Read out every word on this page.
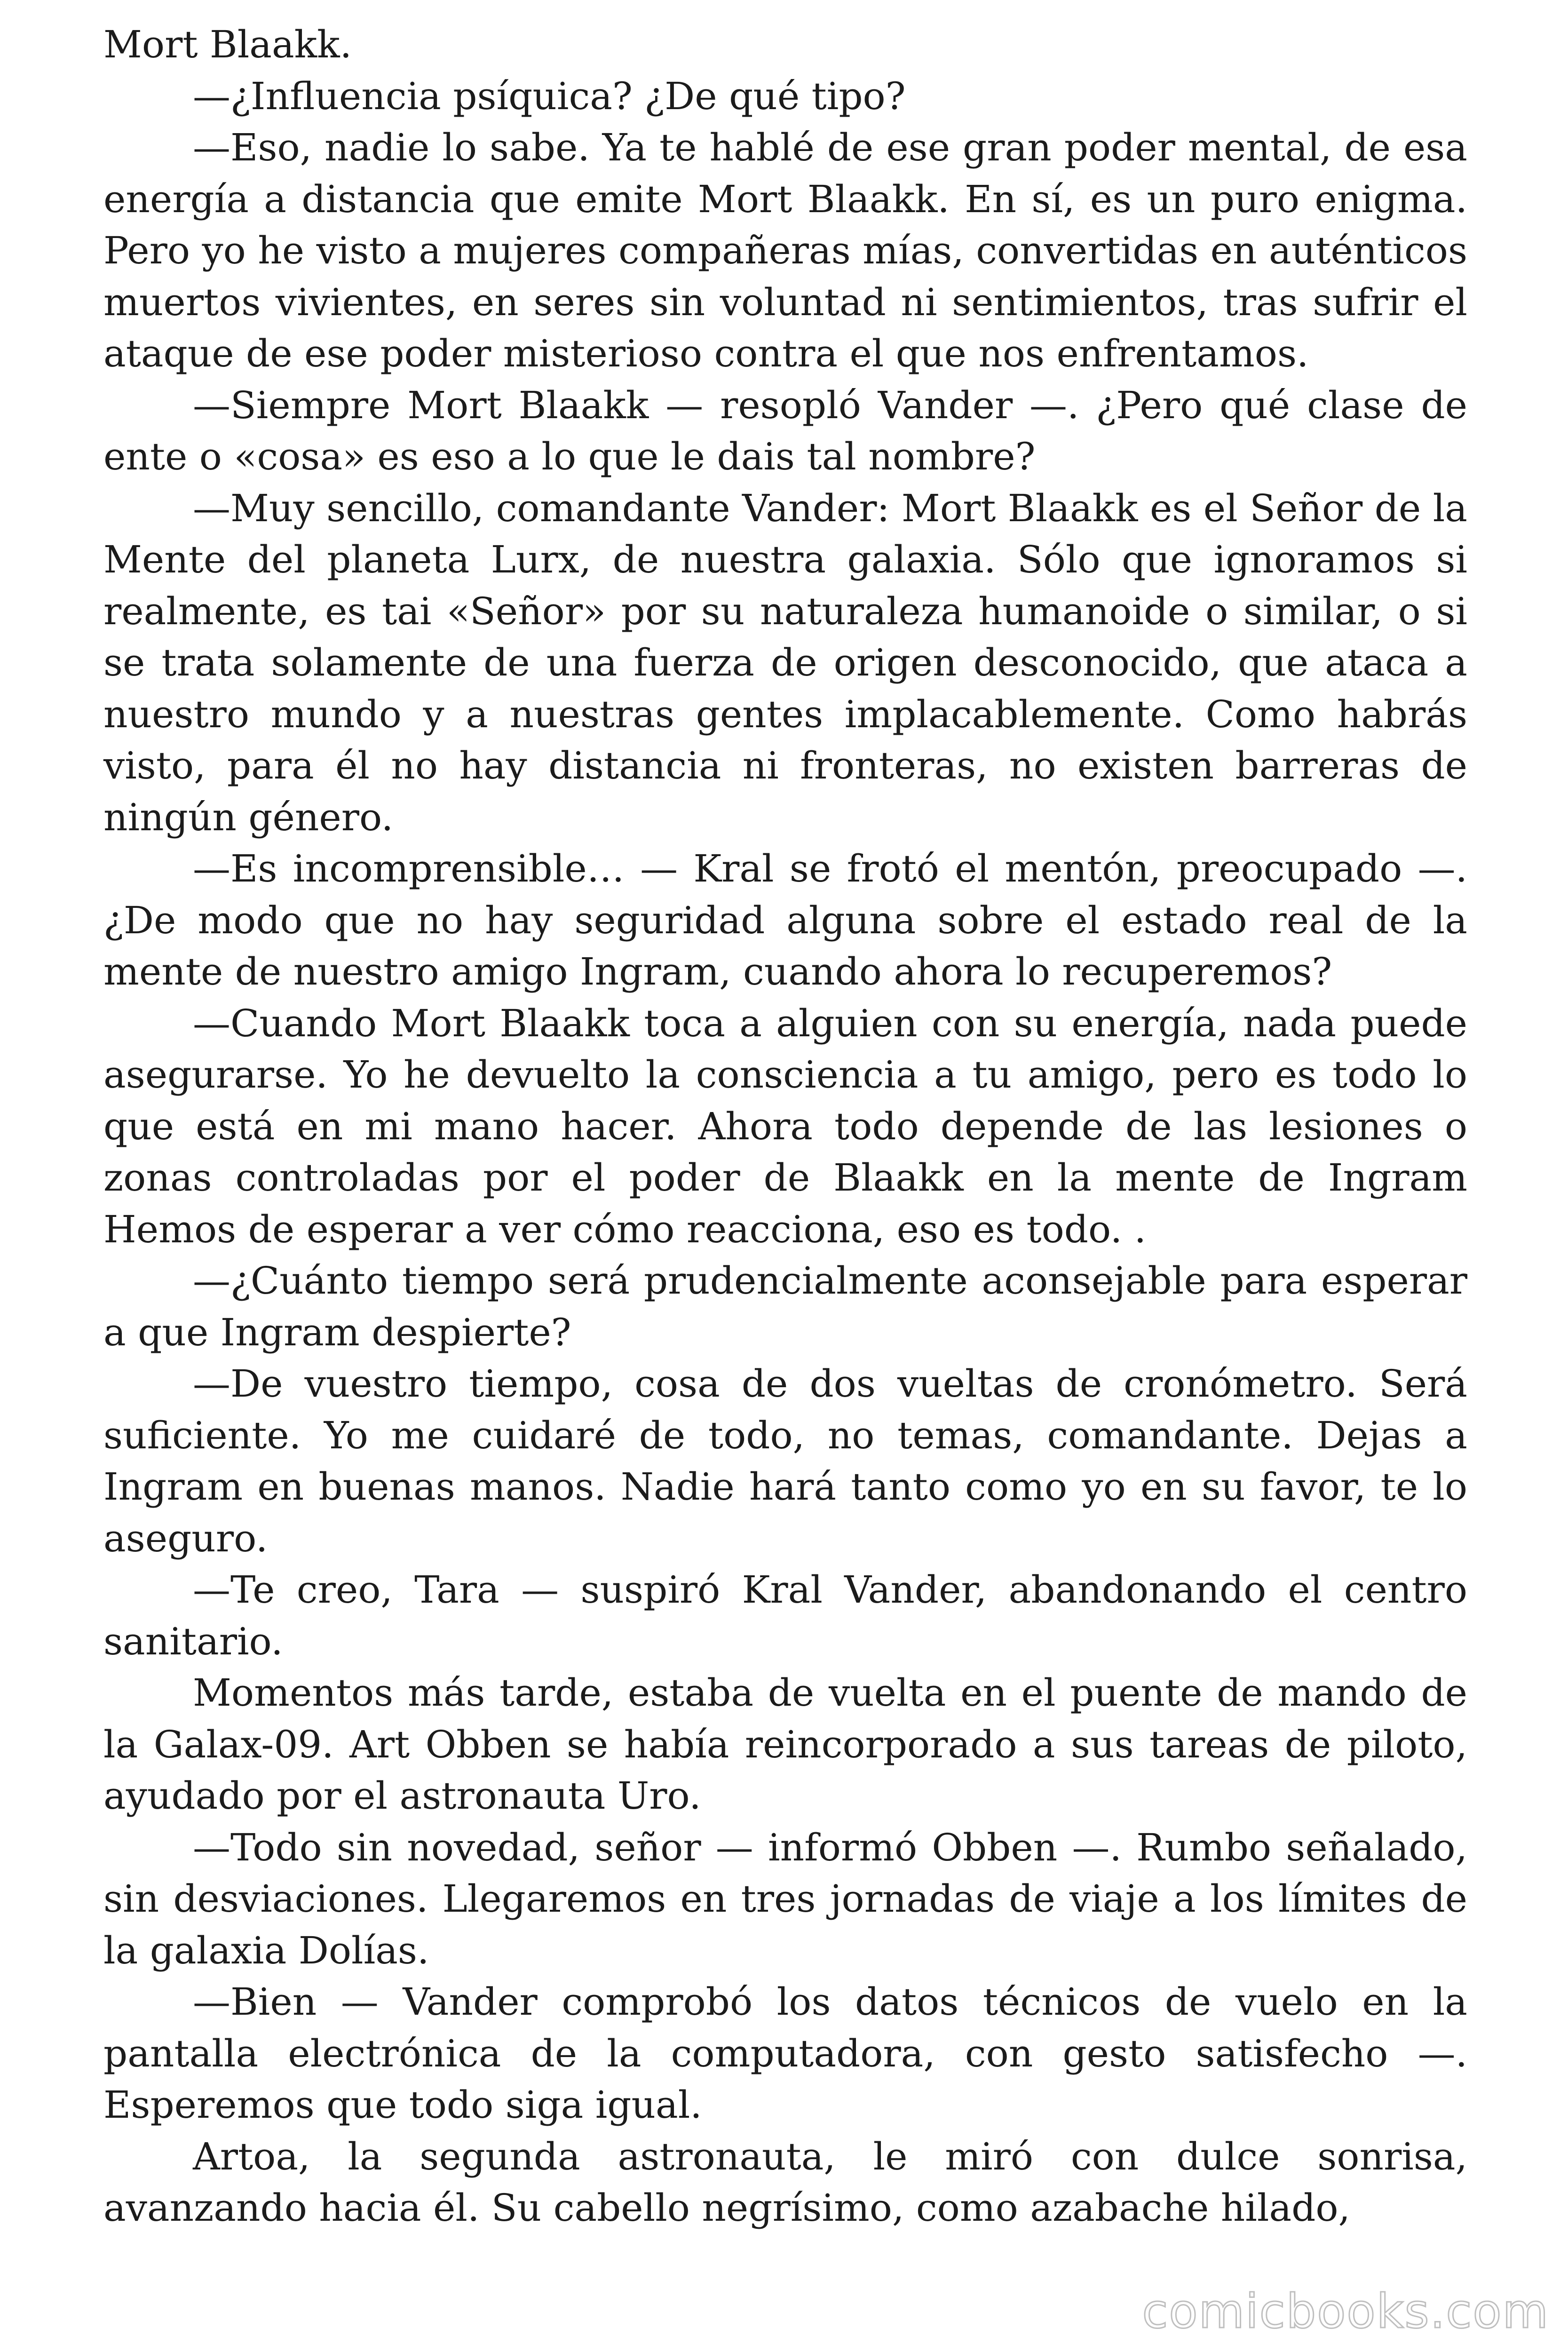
Mort Blaakk.

—¿Influencia psíquica? ¿De qué tipo?

—Eso, nadie lo sabe. Ya te hablé de ese gran poder mental, de esa energía a distancia que emite Mort Blaakk. En sí, es un puro enigma. Pero yo he visto a mujeres compañeras mías, convertidas en auténticos muertos vivientes, en seres sin voluntad ni sentimientos, tras sufrir el ataque de ese poder misterioso contra el que nos enfrentamos.

—Siempre Mort Blaakk — resopló Vander —. ¿Pero qué clase de ente o «cosa» es eso a lo que le dais tal nombre?

—Muy sencillo, comandante Vander: Mort Blaakk es el Señor de la Mente del planeta Lurx, de nuestra galaxia. Sólo que ignoramos si realmente, es tai «Señor» por su naturaleza humanoide o similar, o si se trata solamente de una fuerza de origen desconocido, que ataca a nuestro mundo y a nuestras gentes implacablemente. Como habrás visto, para él no hay distancia ni fronteras, no existen barreras de ningún género.

—Es incomprensible… — Kral se frotó el mentón, preocupado —. ¿De modo que no hay seguridad alguna sobre el estado real de la mente de nuestro amigo Ingram, cuando ahora lo recuperemos?

—Cuando Mort Blaakk toca a alguien con su energía, nada puede asegurarse. Yo he devuelto la consciencia a tu amigo, pero es todo lo que está en mi mano hacer. Ahora todo depende de las lesiones o zonas controladas por el poder de Blaakk en la mente de Ingram Hemos de esperar a ver cómo reacciona, eso es todo. .

—¿Cuánto tiempo será prudencialmente aconsejable para esperar a que Ingram despierte?

—De vuestro tiempo, cosa de dos vueltas de cronómetro. Será suficiente. Yo me cuidaré de todo, no temas, comandante. Dejas a Ingram en buenas manos. Nadie hará tanto como yo en su favor, te lo aseguro.

—Te creo, Tara — suspiró Kral Vander, abandonando el centro sanitario.

Momentos más tarde, estaba de vuelta en el puente de mando de la Galax-09. Art Obben se había reincorporado a sus tareas de piloto, ayudado por el astronauta Uro.

—Todo sin novedad, señor — informó Obben —. Rumbo señalado, sin desviaciones. Llegaremos en tres jornadas de viaje a los límites de la galaxia Dolías.

—Bien — Vander comprobó los datos técnicos de vuelo en la pantalla electrónica de la computadora, con gesto satisfecho —. Esperemos que todo siga igual.

Artoa, la segunda astronauta, le miró con dulce sonrisa, avanzando hacia él. Su cabello negrísimo, como azabache hilado,

comicbooks.com
